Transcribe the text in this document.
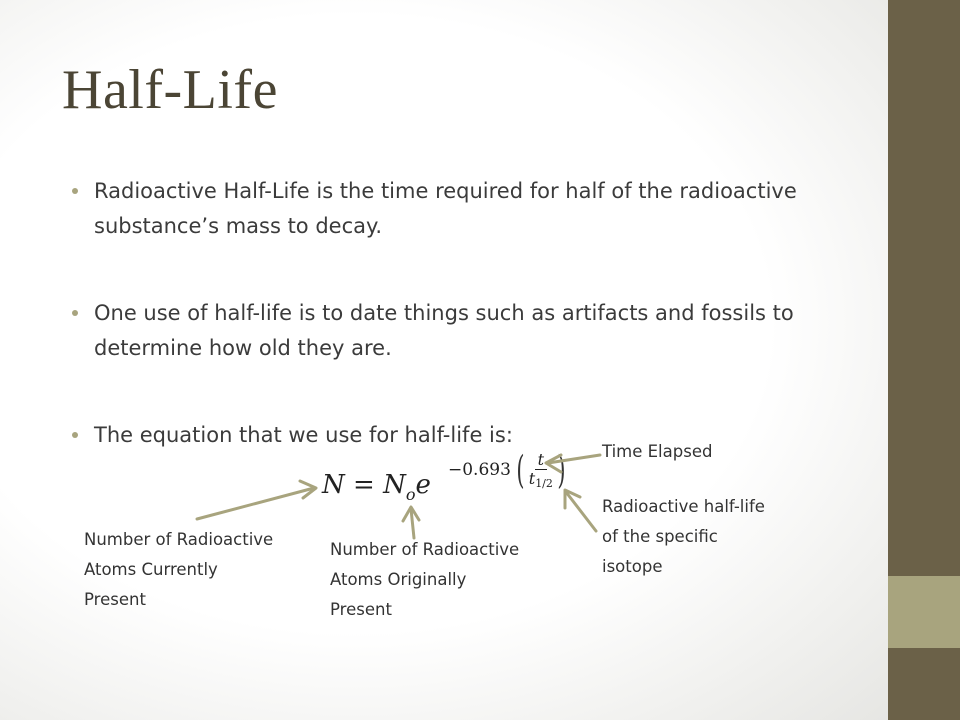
Half-Life
Radioactive Half-Life is the time required for half of the radioactive substance’s mass to decay.
One use of half-life is to date things such as artifacts and fossils to determine how old they are.
The equation that we use for half-life is:
$N = N_oe -0.693$ ( $\frac{t}{t1/2}$ )
Number of Radioactive
Atoms Currently
Present
Number of Radioactive
Atoms Originally
Present
Time Elapsed
Radioactive half-life
of the specific
isotope
